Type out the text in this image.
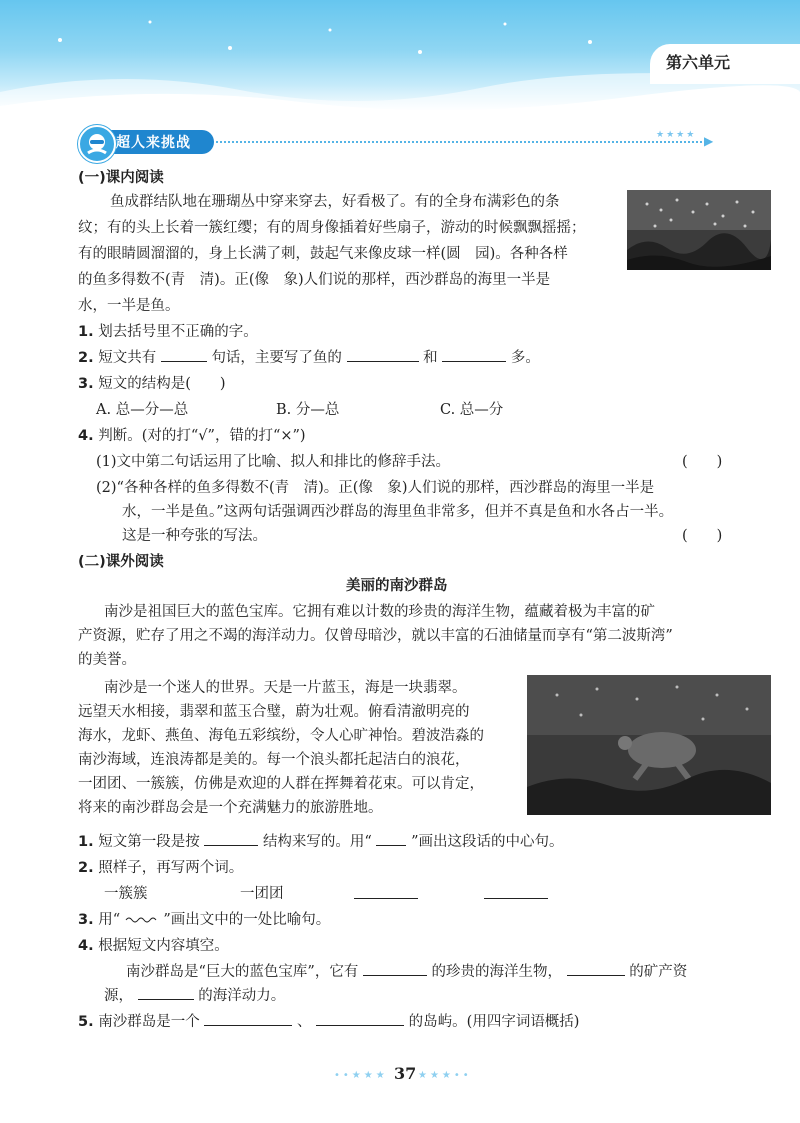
第六单元
超人来挑战	★★★★ ▶
(一)课内阅读
鱼成群结队地在珊瑚丛中穿来穿去，好看极了。有的全身布满彩色的条
纹；有的头上长着一簇红缨；有的周身像插着好些扇子，游动的时候飘飘摇摇；
有的眼睛圆溜溜的，身上长满了刺，鼓起气来像皮球一样(圆　园)。各种各样
的鱼多得数不(青　清)。正(像　象)人们说的那样，西沙群岛的海里一半是
水，一半是鱼。
1. 划去括号里不正确的字。
2. 短文共有	句话，主要写了鱼的	和	多。
3. 短文的结构是(　　)
A. 总—分—总	B. 分—总	C. 总—分
4. 判断。(对的打“√”，错的打“×”)
(1)文中第二句话运用了比喻、拟人和排比的修辞手法。	(　　)
(2)“各种各样的鱼多得数不(青　清)。正(像　象)人们说的那样，西沙群岛的海里一半是
水，一半是鱼。”这两句话强调西沙群岛的海里鱼非常多，但并不真是鱼和水各占一半。
这是一种夸张的写法。	(　　)
(二)课外阅读
美丽的南沙群岛
南沙是祖国巨大的蓝色宝库。它拥有难以计数的珍贵的海洋生物，蕴藏着极为丰富的矿
产资源，贮存了用之不竭的海洋动力。仅曾母暗沙，就以丰富的石油储量而享有“第二波斯湾”
的美誉。
南沙是一个迷人的世界。天是一片蓝玉，海是一块翡翠。
远望天水相接，翡翠和蓝玉合璧，蔚为壮观。俯看清澈明亮的
海水，龙虾、燕鱼、海龟五彩缤纷，令人心旷神怡。碧波浩淼的
南沙海域，连浪涛都是美的。每一个浪头都托起洁白的浪花，
一团团、一簇簇，仿佛是欢迎的人群在挥舞着花束。可以肯定，
将来的南沙群岛会是一个充满魅力的旅游胜地。
1. 短文第一段是按	结构来写的。用“	”画出这段话的中心句。
2. 照样子，再写两个词。
一簇簇	一团团
3. 用“	”画出文中的一处比喻句。
4. 根据短文内容填空。
南沙群岛是“巨大的蓝色宝库”，它有	的珍贵的海洋生物，	的矿产资
源，	的海洋动力。
5. 南沙群岛是一个	、	的岛屿。(用四字词语概括)
••★★★ 37 ★★★••
